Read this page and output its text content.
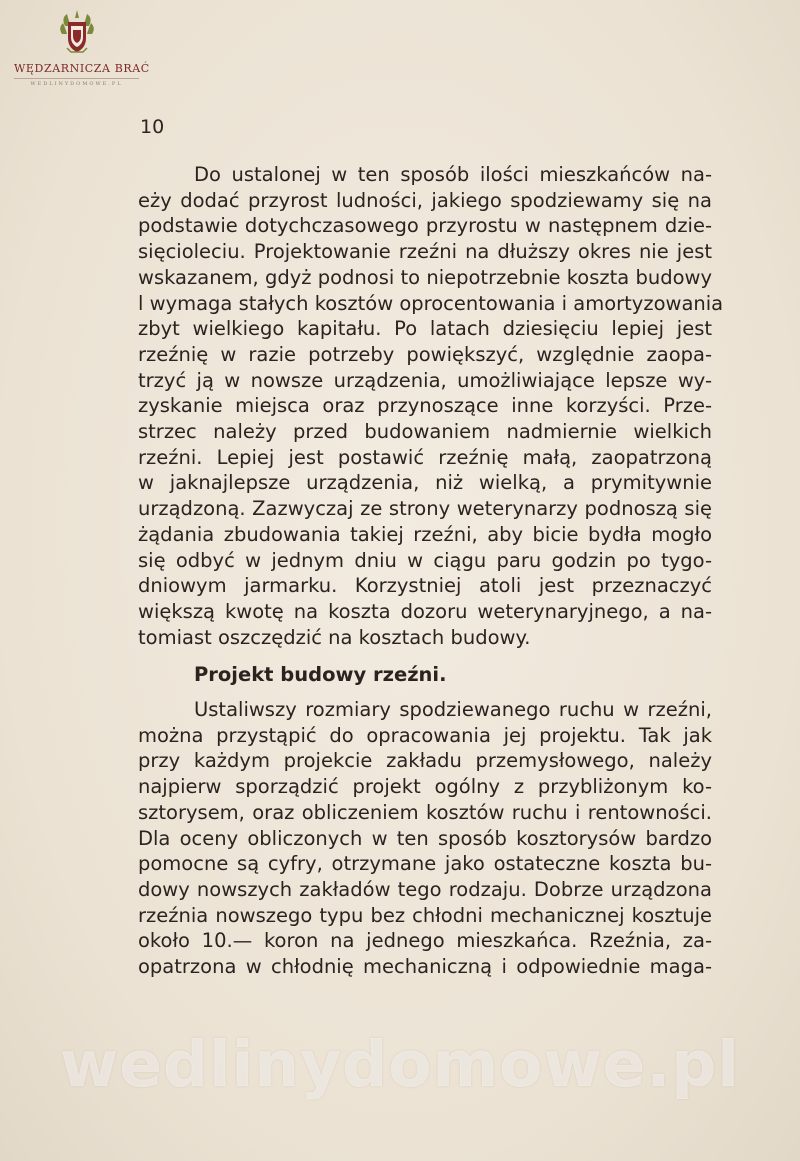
WĘDZARNICZA BRAĆ
WEDLINYDOMOWE.PL
10
Do ustalonej w ten sposób ilości mieszkańców na-
eży dodać przyrost ludności, jakiego spodziewamy się na
podstawie dotychczasowego przyrostu w następnem dzie-
sięcioleciu. Projektowanie rzeźni na dłuższy okres nie jest
wskazanem, gdyż podnosi to niepotrzebnie koszta budowy
l wymaga stałych kosztów oprocentowania i amortyzowania
zbyt wielkiego kapitału. Po latach dziesięciu lepiej jest
rzeźnię w razie potrzeby powiększyć, względnie zaopa-
trzyć ją w nowsze urządzenia, umożliwiające lepsze wy-
zyskanie miejsca oraz przynoszące inne korzyści. Prze-
strzec należy przed budowaniem nadmiernie wielkich
rzeźni. Lepiej jest postawić rzeźnię małą, zaopatrzoną
w jaknajlepsze urządzenia, niż wielką, a prymitywnie
urządzoną. Zazwyczaj ze strony weterynarzy podnoszą się
żądania zbudowania takiej rzeźni, aby bicie bydła mogło
się odbyć w jednym dniu w ciągu paru godzin po tygo-
dniowym jarmarku. Korzystniej atoli jest przeznaczyć
większą kwotę na koszta dozoru weterynaryjnego, a na-
tomiast oszczędzić na kosztach budowy.
Projekt budowy rzeźni.
Ustaliwszy rozmiary spodziewanego ruchu w rzeźni,
można przystąpić do opracowania jej projektu. Tak jak
przy każdym projekcie zakładu przemysłowego, należy
najpierw sporządzić projekt ogólny z przybliżonym ko-
sztorysem, oraz obliczeniem kosztów ruchu i rentowności.
Dla oceny obliczonych w ten sposób kosztorysów bardzo
pomocne są cyfry, otrzymane jako ostateczne koszta bu-
dowy nowszych zakładów tego rodzaju. Dobrze urządzona
rzeźnia nowszego typu bez chłodni mechanicznej kosztuje
około 10.— koron na jednego mieszkańca. Rzeźnia, za-
opatrzona w chłodnię mechaniczną i odpowiednie maga-
wedlinydomowe.pl
